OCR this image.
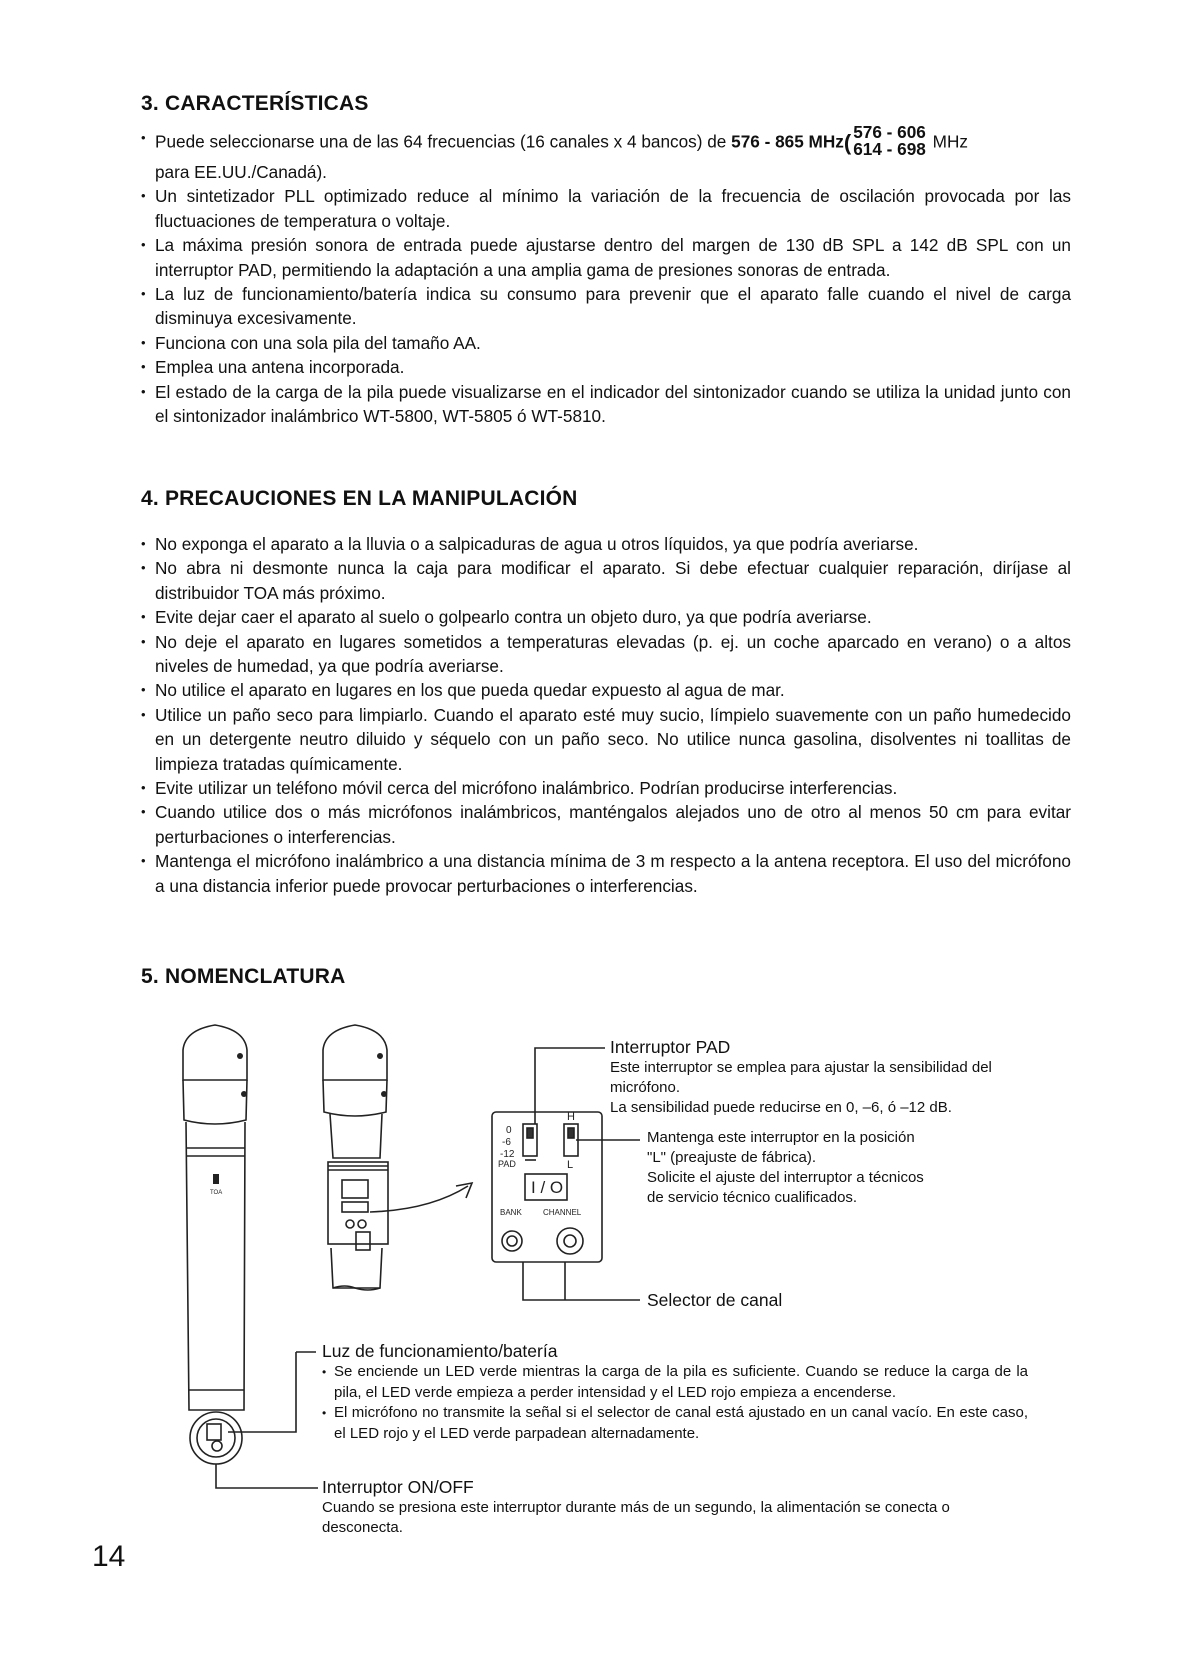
3. CARACTERÍSTICAS
• Puede seleccionarse una de las 64 frecuencias (16 canales x 4 bancos) de 576 - 865 MHz( 576 - 606
614 - 698 MHz
para EE.UU./Canadá).
• Un sintetizador PLL optimizado reduce al mínimo la variación de la frecuencia de oscilación provocada por las fluctuaciones de temperatura o voltaje.
• La máxima presión sonora de entrada puede ajustarse dentro del margen de 130 dB SPL a 142 dB SPL con un interruptor PAD, permitiendo la adaptación a una amplia gama de presiones sonoras de entrada.
• La luz de funcionamiento/batería indica su consumo para prevenir que el aparato falle cuando el nivel de carga disminuya excesivamente.
• Funciona con una sola pila del tamaño AA.
• Emplea una antena incorporada.
• El estado de la carga de la pila puede visualizarse en el indicador del sintonizador cuando se utiliza la unidad junto con el sintonizador inalámbrico WT-5800, WT-5805 ó WT-5810.
4. PRECAUCIONES EN LA MANIPULACIÓN
• No exponga el aparato a la lluvia o a salpicaduras de agua u otros líquidos, ya que podría averiarse.
• No abra ni desmonte nunca la caja para modificar el aparato. Si debe efectuar cualquier reparación, diríjase al distribuidor TOA más próximo.
• Evite dejar caer el aparato al suelo o golpearlo contra un objeto duro, ya que podría averiarse.
• No deje el aparato en lugares sometidos a temperaturas elevadas (p. ej. un coche aparcado en verano) o a altos niveles de humedad, ya que podría averiarse.
• No utilice el aparato en lugares en los que pueda quedar expuesto al agua de mar.
• Utilice un paño seco para limpiarlo. Cuando el aparato esté muy sucio, límpielo suavemente con un paño humedecido en un detergente neutro diluido y séquelo con un paño seco. No utilice nunca gasolina, disolventes ni toallitas de limpieza tratadas químicamente.
• Evite utilizar un teléfono móvil cerca del micrófono inalámbrico. Podrían producirse interferencias.
• Cuando utilice dos o más micrófonos inalámbricos, manténgalos alejados uno de otro al menos 50 cm para evitar perturbaciones o interferencias.
• Mantenga el micrófono inalámbrico a una distancia mínima de 3 m respecto a la antena receptora. El uso del micrófono a una distancia inferior puede provocar perturbaciones o interferencias.
5. NOMENCLATURA
TOA
0
-6
-12
PAD
H
L
I / O
BANK	CHANNEL
Interruptor PAD
Este interruptor se emplea para ajustar la sensibilidad del micrófono.
La sensibilidad puede reducirse en 0, –6, ó –12 dB.
Mantenga este interruptor en la posición
"L" (preajuste de fábrica).
Solicite el ajuste del interruptor a técnicos
de servicio técnico cualificados.
Selector de canal
Luz de funcionamiento/batería
• Se enciende un LED verde mientras la carga de la pila es suficiente. Cuando se reduce la carga de la pila, el LED verde empieza a perder intensidad y el LED rojo empieza a encenderse.
• El micrófono no transmite la señal si el selector de canal está ajustado en un canal vacío. En este caso, el LED rojo y el LED verde parpadean alternadamente.
Interruptor ON/OFF
Cuando se presiona este interruptor durante más de un segundo, la alimentación se conecta o desconecta.
14
